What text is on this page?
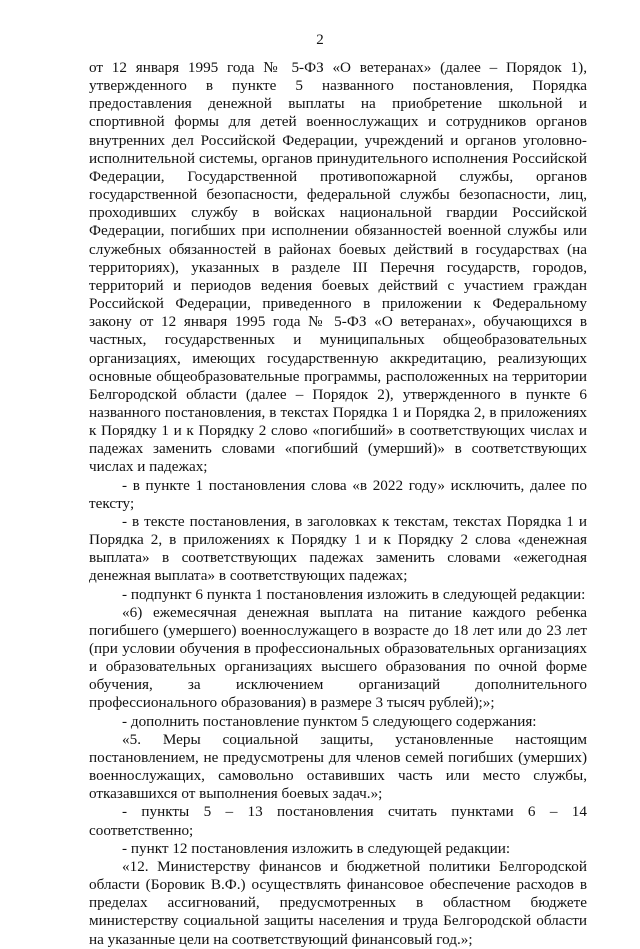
2

от 12 января 1995 года № 5-ФЗ «О ветеранах» (далее – Порядок 1), утвержденного в пункте 5 названного постановления, Порядка предоставления денежной выплаты на приобретение школьной и спортивной формы для детей военнослужащих и сотрудников органов внутренних дел Российской Федерации, учреждений и органов уголовно-исполнительной системы, органов принудительного исполнения Российской Федерации, Государственной противопожарной службы, органов государственной безопасности, федеральной службы безопасности, лиц, проходивших службу в войсках национальной гвардии Российской Федерации, погибших при исполнении обязанностей военной службы или служебных обязанностей в районах боевых действий в государствах (на территориях), указанных в разделе III Перечня государств, городов, территорий и периодов ведения боевых действий с участием граждан Российской Федерации, приведенного в приложении к Федеральному закону от 12 января 1995 года № 5-ФЗ «О ветеранах», обучающихся в частных, государственных и муниципальных общеобразовательных организациях, имеющих государственную аккредитацию, реализующих основные общеобразовательные программы, расположенных на территории Белгородской области (далее – Порядок 2), утвержденного в пункте 6 названного постановления, в текстах Порядка 1 и Порядка 2, в приложениях к Порядку 1 и к Порядку 2 слово «погибший» в соответствующих числах и падежах заменить словами «погибший (умерший)» в соответствующих числах и падежах;

- в пункте 1 постановления слова «в 2022 году» исключить, далее по тексту;

- в тексте постановления, в заголовках к текстам, текстах Порядка 1 и Порядка 2, в приложениях к Порядку 1 и к Порядку 2 слова «денежная выплата» в соответствующих падежах заменить словами «ежегодная денежная выплата» в соответствующих падежах;

- подпункт 6 пункта 1 постановления изложить в следующей редакции:

«6) ежемесячная денежная выплата на питание каждого ребенка погибшего (умершего) военнослужащего в возрасте до 18 лет или до 23 лет (при условии обучения в профессиональных образовательных организациях и образовательных организациях высшего образования по очной форме обучения, за исключением организаций дополнительного профессионального образования) в размере 3 тысяч рублей);»;

- дополнить постановление пунктом 5 следующего содержания:

«5. Меры социальной защиты, установленные настоящим постановлением, не предусмотрены для членов семей погибших (умерших) военнослужащих, самовольно оставивших часть или место службы, отказавшихся от выполнения боевых задач.»;

- пункты 5 – 13 постановления считать пунктами 6 – 14 соответственно;

- пункт 12 постановления изложить в следующей редакции:

«12. Министерству финансов и бюджетной политики Белгородской области (Боровик В.Ф.) осуществлять финансовое обеспечение расходов в пределах ассигнований, предусмотренных в областном бюджете министерству социальной защиты населения и труда Белгородской области на указанные цели на соответствующий финансовый год.»;
